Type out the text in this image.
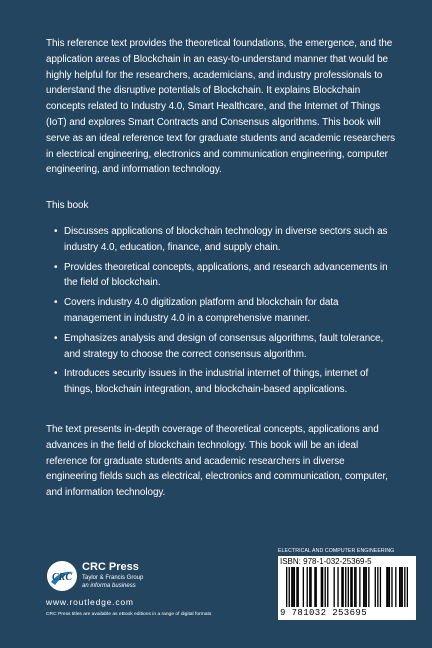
This reference text provides the theoretical foundations, the emergence, and the application areas of Blockchain in an easy-to-understand manner that would be highly helpful for the researchers, academicians, and industry professionals to understand the disruptive potentials of Blockchain. It explains Blockchain concepts related to Industry 4.0, Smart Healthcare, and the Internet of Things (IoT) and explores Smart Contracts and Consensus algorithms. This book will serve as an ideal reference text for graduate students and academic researchers in electrical engineering, electronics and communication engineering, computer engineering, and information technology.

This book

• Discusses applications of blockchain technology in diverse sectors such as industry 4.0, education, finance, and supply chain.
• Provides theoretical concepts, applications, and research advancements in the field of blockchain.
• Covers industry 4.0 digitization platform and blockchain for data management in industry 4.0 in a comprehensive manner.
• Emphasizes analysis and design of consensus algorithms, fault tolerance, and strategy to choose the correct consensus algorithm.
• Introduces security issues in the industrial internet of things, internet of things, blockchain integration, and blockchain-based applications.

The text presents in-depth coverage of theoretical concepts, applications and advances in the field of blockchain technology. This book will be an ideal reference for graduate students and academic researchers in diverse engineering fields such as electrical, electronics and communication, computer, and information technology.

CRC
CRC Press
Taylor & Francis Group
an informa business
www.routledge.com
CRC Press titles are available as eBook editions in a range of digital formats
ELECTRICAL AND COMPUTER ENGINEERING
ISBN: 978-1-032-25369-5
9 781032 253695
